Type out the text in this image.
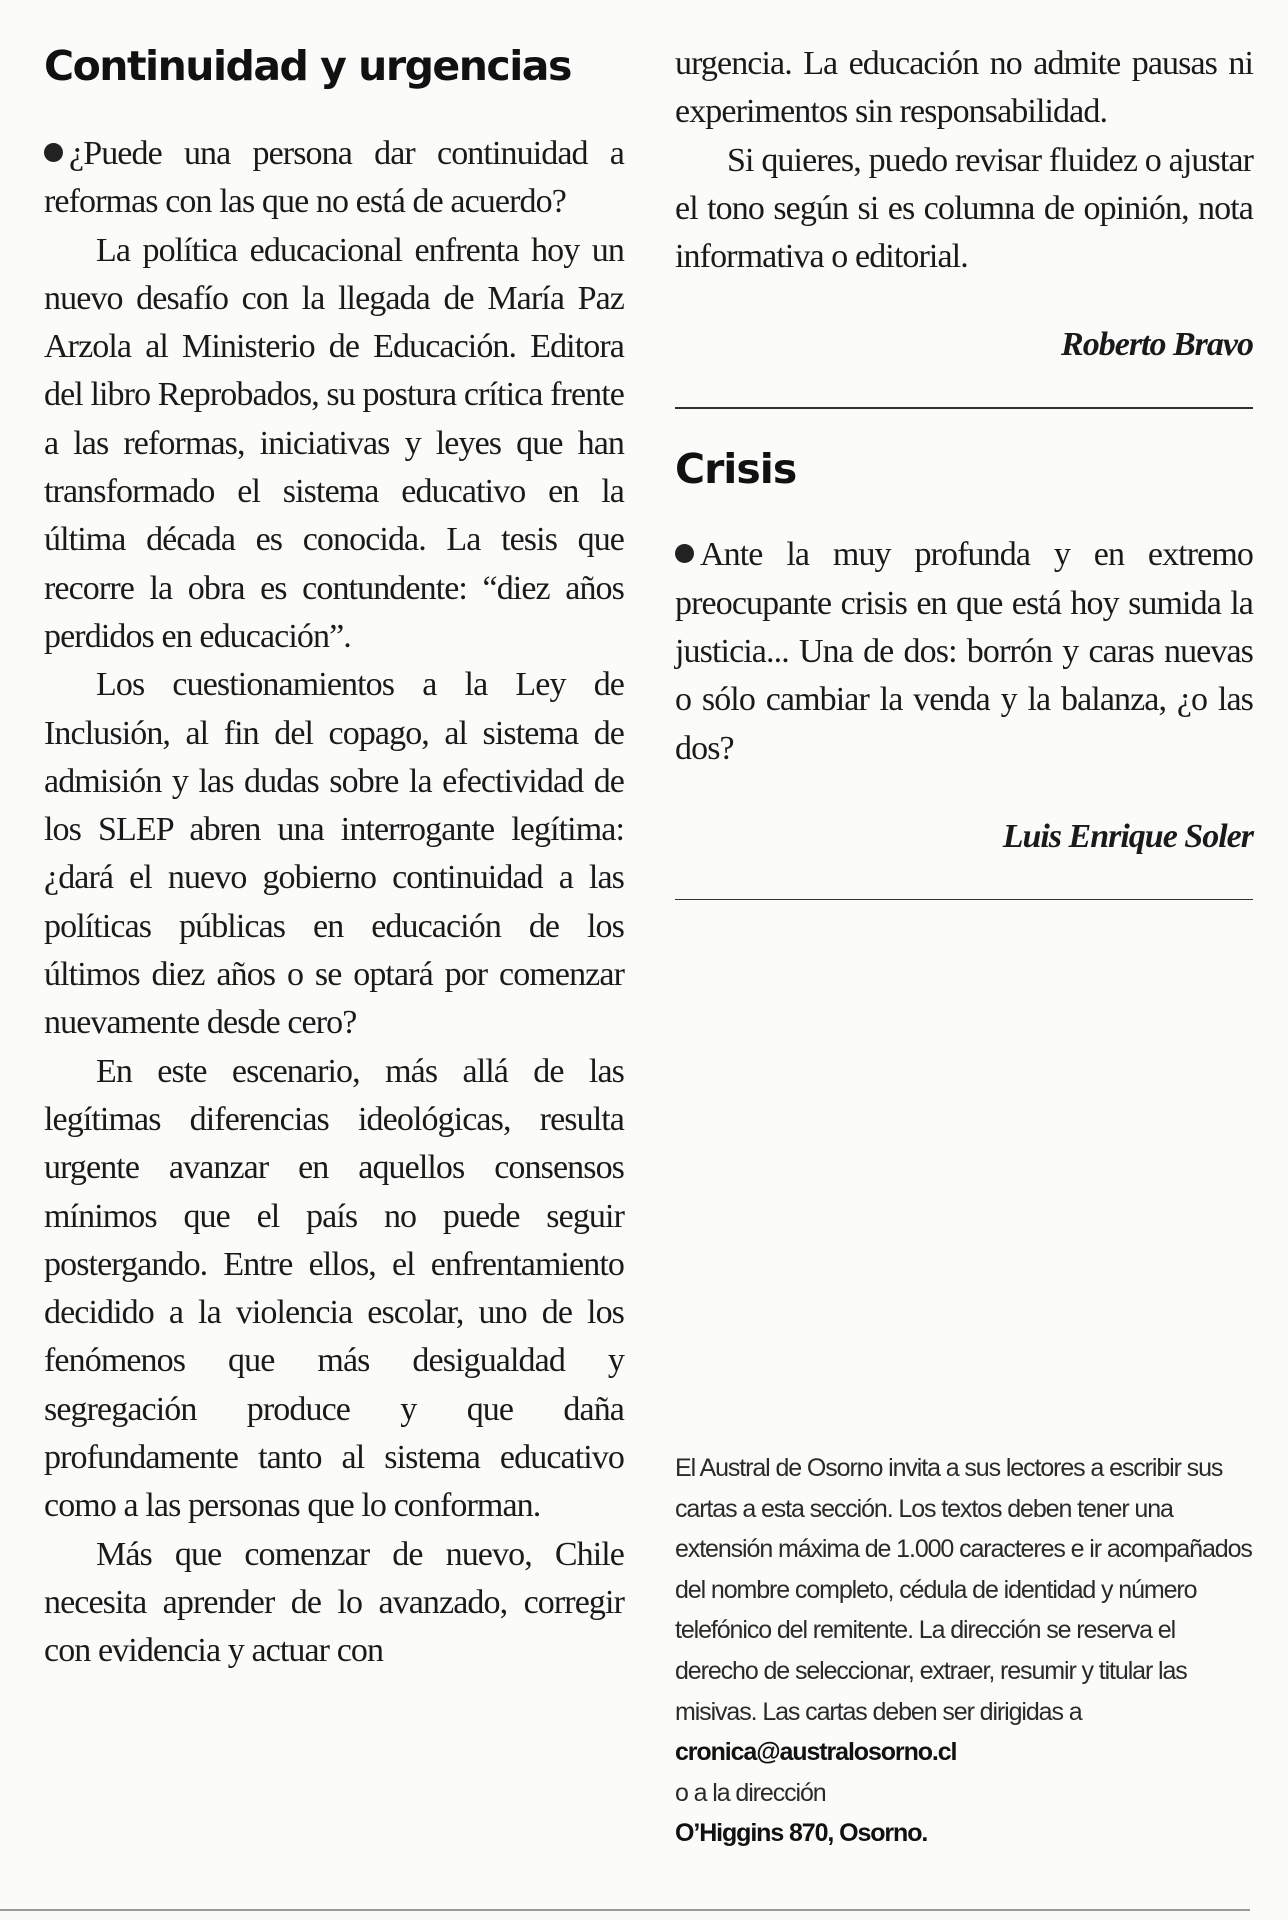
Continuidad y urgencias

¿Puede una persona dar continuidad a reformas con las que no está de acuerdo?

La política educacional enfrenta hoy un nuevo desafío con la llegada de María Paz Arzola al Ministerio de Educación. Editora del libro Reprobados, su postura crítica frente a las reformas, iniciativas y leyes que han transformado el sistema educativo en la última década es conocida. La tesis que recorre la obra es contundente: “diez años perdidos en educación”.

Los cuestionamientos a la Ley de Inclusión, al fin del copago, al sistema de admisión y las dudas sobre la efectividad de los SLEP abren una interrogante legítima: ¿dará el nuevo gobierno continuidad a las políticas públicas en educación de los últimos diez años o se optará por comenzar nuevamente desde cero?

En este escenario, más allá de las legítimas diferencias ideológicas, resulta urgente avanzar en aquellos consensos mínimos que el país no puede seguir postergando. Entre ellos, el enfrentamiento decidido a la violencia escolar, uno de los fenómenos que más desigualdad y segregación produce y que daña profundamente tanto al sistema educativo como a las personas que lo conforman.

Más que comenzar de nuevo, Chile necesita aprender de lo avanzado, corregir con evidencia y actuar con

urgencia. La educación no admite pausas ni experimentos sin responsabilidad.

Si quieres, puedo revisar fluidez o ajustar el tono según si es columna de opinión, nota informativa o editorial.

Roberto Bravo

Crisis

Ante la muy profunda y en extremo preocupante crisis en que está hoy sumida la justicia... Una de dos: borrón y caras nuevas o sólo cambiar la venda y la balanza, ¿o las dos?

Luis Enrique Soler

El Austral de Osorno invita a sus lectores a escribir sus cartas a esta sección. Los textos deben tener una extensión máxima de 1.000 caracteres e ir acompañados del nombre completo, cédula de identidad y número telefónico del remitente. La dirección se reserva el derecho de seleccionar, extraer, resumir y titular las misivas. Las cartas deben ser dirigidas a

cronica@australosorno.cl

o a la dirección

O’Higgins 870, Osorno.
